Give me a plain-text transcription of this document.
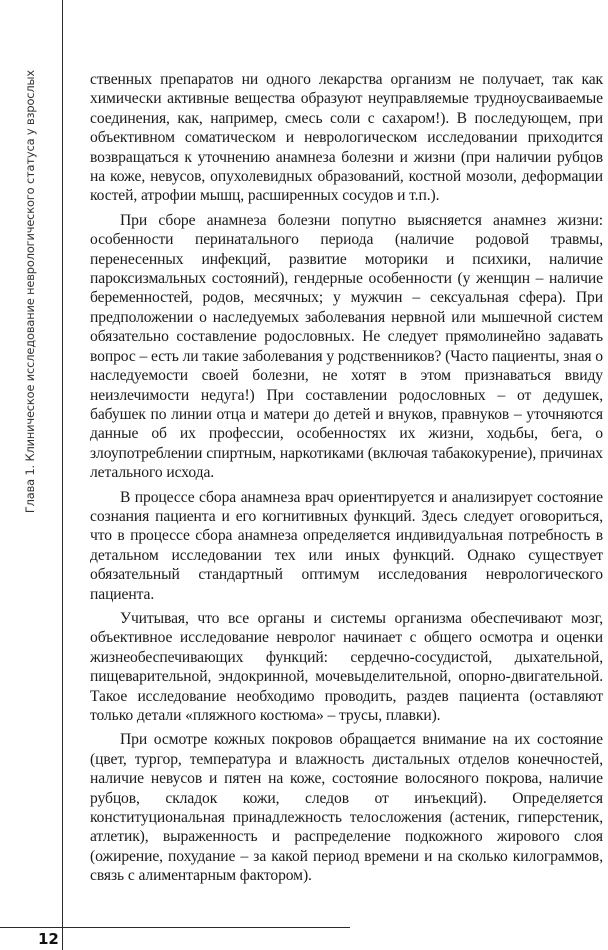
Глава 1. Клиническое исследование неврологического статуса у взрослых
12

ственных препаратов ни одного лекарства организм не получает, так как химически активные вещества образуют неуправляемые трудноусваиваемые соединения, как, например, смесь соли с сахаром!). В последующем, при объективном соматическом и неврологическом исследовании приходится возвращаться к уточнению анамнеза болезни и жизни (при наличии рубцов на коже, невусов, опухолевидных образований, костной мозоли, деформации костей, атрофии мышц, расширенных сосудов и т.п.).

При сборе анамнеза болезни попутно выясняется анамнез жизни: особенности перинатального периода (наличие родовой травмы, перенесенных инфекций, развитие моторики и психики, наличие пароксизмальных состояний), гендерные особенности (у женщин – наличие беременностей, родов, месячных; у мужчин – сексуальная сфера). При предположении о наследуемых заболевания нервной или мышечной систем обязательно составление родословных. Не следует прямолинейно задавать вопрос – есть ли такие заболевания у родственников? (Часто пациенты, зная о наследуемости своей болезни, не хотят в этом признаваться ввиду неизлечимости недуга!) При составлении родословных – от дедушек, бабушек по линии отца и матери до детей и внуков, правнуков – уточняются данные об их профессии, особенностях их жизни, ходьбы, бега, о злоупотреблении спиртным, наркотиками (включая табакокурение), причинах летального исхода.

В процессе сбора анамнеза врач ориентируется и анализирует состояние сознания пациента и его когнитивных функций. Здесь следует оговориться, что в процессе сбора анамнеза определяется индивидуальная потребность в детальном исследовании тех или иных функций. Однако существует обязательный стандартный оптимум исследования неврологического пациента.

Учитывая, что все органы и системы организма обеспечивают мозг, объективное исследование невролог начинает с общего осмотра и оценки жизнеобеспечивающих функций: сердечно-сосудистой, дыхательной, пищеварительной, эндокринной, мочевыделительной, опорно-двигательной. Такое исследование необходимо проводить, раздев пациента (оставляют только детали «пляжного костюма» – трусы, плавки).

При осмотре кожных покровов обращается внимание на их состояние (цвет, тургор, температура и влажность дистальных отделов конечностей, наличие невусов и пятен на коже, состояние волосяного покрова, наличие рубцов, складок кожи, следов от инъекций). Определяется конституциональная принадлежность телосложения (астеник, гиперстеник, атлетик), выраженность и распределение подкожного жирового слоя (ожирение, похудание – за какой период времени и на сколько килограммов, связь с алиментарным фактором).
